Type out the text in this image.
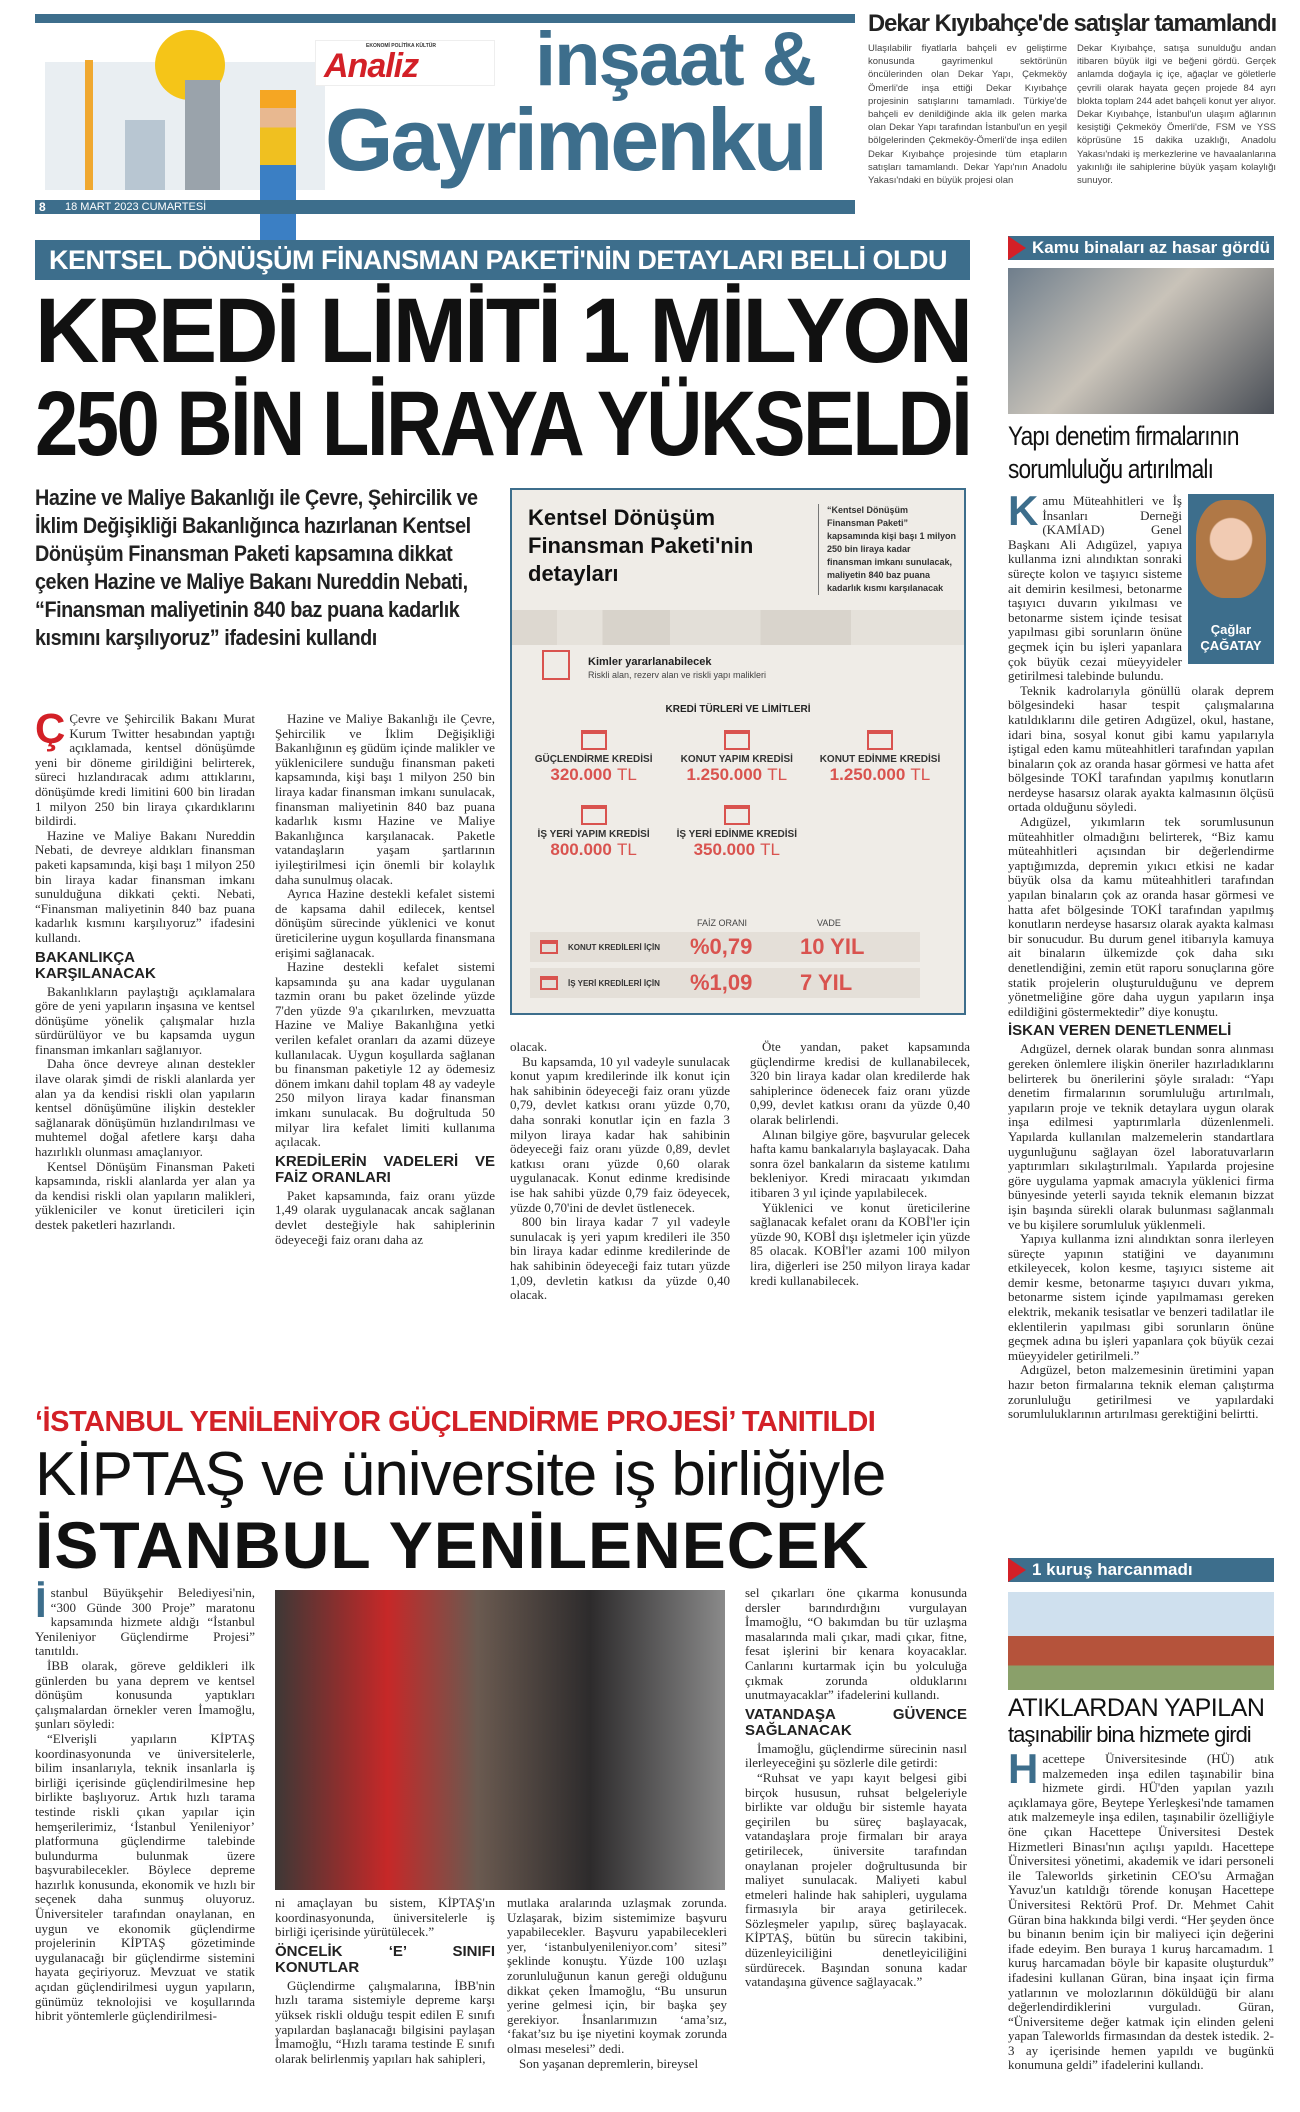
EKONOMİ POLİTİKA KÜLTÜR
Analiz inşaat &
Gayrimenkul
8 18 MART 2023 CUMARTESİ
Dekar Kıyıbahçe'de satışlar tamamlandı

Ulaşılabilir fiyatlarla bahçeli ev geliştirme konusunda gayrimenkul sektörünün öncülerinden olan Dekar Yapı, Çekmeköy Ömerli'de inşa ettiği Dekar Kıyıbahçe projesinin satışlarını tamamladı. Türkiye'de bahçeli ev denildiğinde akla ilk gelen marka olan Dekar Yapı tarafından İstanbul'un en yeşil bölgelerinden Çekmeköy-Ömerli'de inşa edilen Dekar Kıyıbahçe projesinde tüm etapların satışları tamamlandı. Dekar Yapı'nın Anadolu Yakası'ndaki en büyük projesi olan

Dekar Kıyıbahçe, satışa sunulduğu andan itibaren büyük ilgi ve beğeni gördü. Gerçek anlamda doğayla iç içe, ağaçlar ve göletlerle çevrili olarak hayata geçen projede 84 ayrı blokta toplam 244 adet bahçeli konut yer alıyor. Dekar Kıyıbahçe, İstanbul'un ulaşım ağlarının kesiştiği Çekmeköy Ömerli'de, FSM ve YSS köprüsüne 15 dakika uzaklığı, Anadolu Yakası'ndaki iş merkezlerine ve havaalanlarına yakınlığı ile sahiplerine büyük yaşam kolaylığı sunuyor.

KENTSEL DÖNÜŞÜM FİNANSMAN PAKETİ'NİN DETAYLARI BELLİ OLDU
KREDİ LİMİTİ 1 MİLYON
250 BİN LİRAYA YÜKSELDİ
Hazine ve Maliye Bakanlığı ile Çevre, Şehircilik ve İklim Değişikliği Bakanlığınca hazırlanan Kentsel Dönüşüm Finansman Paketi kapsamına dikkat çeken Hazine ve Maliye Bakanı Nureddin Nebati, “Finansman maliyetinin 840 baz puana kadarlık kısmını karşılıyoruz” ifadesini kullandı
Kentsel Dönüşüm Finansman Paketi'nin detayları
“Kentsel Dönüşüm Finansman Paketi” kapsamında kişi başı 1 milyon 250 bin liraya kadar finansman imkanı sunulacak, maliyetin 840 baz puana kadarlık kısmı karşılanacak
Kimler yararlanabilecek
Riskli alan, rezerv alan ve riskli yapı malikleri
KREDİ TÜRLERİ VE LİMİTLERİ
GÜÇLENDİRME KREDİSİ
320.000 TL
KONUT YAPIM KREDİSİ
1.250.000 TL
KONUT EDİNME KREDİSİ
1.250.000 TL
İŞ YERİ YAPIM KREDİSİ
800.000 TL
İŞ YERİ EDİNME KREDİSİ
350.000 TL
FAİZ ORANI	VADE
KONUT KREDİLERİ İÇİN	%0,79	10 YIL
İŞ YERİ KREDİLERİ İÇİN	%1,09	7 YIL
Ç Çevre ve Şehircilik Bakanı Murat Kurum Twitter hesabından yaptığı açıklamada, kentsel dönüşümde yeni bir döneme girildiğini belirterek, süreci hızlandıracak adımı attıklarını, dönüşümde kredi limitini 600 bin liradan 1 milyon 250 bin liraya çıkardıklarını bildirdi.

Hazine ve Maliye Bakanı Nureddin Nebati, de devreye aldıkları finansman paketi kapsamında, kişi başı 1 milyon 250 bin liraya kadar finansman imkanı sunulduğuna dikkati çekti. Nebati, “Finansman maliyetinin 840 baz puana kadarlık kısmını karşılıyoruz” ifadesini kullandı.

BAKANLIKÇA KARŞILANACAK

Bakanlıkların paylaştığı açıklamalara göre de yeni yapıların inşasına ve kentsel dönüşüme yönelik çalışmalar hızla sürdürülüyor ve bu kapsamda uygun finansman imkanları sağlanıyor.

Daha önce devreye alınan destekler ilave olarak şimdi de riskli alanlarda yer alan ya da kendisi riskli olan yapıların kentsel dönüşümüne ilişkin destekler sağlanarak dönüşümün hızlandırılması ve muhtemel doğal afetlere karşı daha hazırlıklı olunması amaçlanıyor.

Kentsel Dönüşüm Finansman Paketi kapsamında, riskli alanlarda yer alan ya da kendisi riskli olan yapıların malikleri, yükleniciler ve konut üreticileri için destek paketleri hazırlandı.

Hazine ve Maliye Bakanlığı ile Çevre, Şehircilik ve İklim Değişikliği Bakanlığının eş güdüm içinde malikler ve yüklenicilere sunduğu finansman paketi kapsamında, kişi başı 1 milyon 250 bin liraya kadar finansman imkanı sunulacak, finansman maliyetinin 840 baz puana kadarlık kısmı Hazine ve Maliye Bakanlığınca karşılanacak. Paketle vatandaşların yaşam şartlarının iyileştirilmesi için önemli bir kolaylık daha sunulmuş olacak.

Ayrıca Hazine destekli kefalet sistemi de kapsama dahil edilecek, kentsel dönüşüm sürecinde yüklenici ve konut üreticilerine uygun koşullarda finansmana erişimi sağlanacak.

Hazine destekli kefalet sistemi kapsamında şu ana kadar uygulanan tazmin oranı bu paket özelinde yüzde 7'den yüzde 9'a çıkarılırken, mevzuatta Hazine ve Maliye Bakanlığına yetki verilen kefalet oranları da azami düzeye kullanılacak. Uygun koşullarda sağlanan bu finansman paketiyle 12 ay ödemesiz dönem imkanı dahil toplam 48 ay vadeyle 250 milyon liraya kadar finansman imkanı sunulacak. Bu doğrultuda 50 milyar lira kefalet limiti kullanıma açılacak.

KREDİLERİN VADELERİ VE FAİZ ORANLARI

Paket kapsamında, faiz oranı yüzde 1,49 olarak uygulanacak ancak sağlanan devlet desteğiyle hak sahiplerinin ödeyeceği faiz oranı daha az

olacak.

Bu kapsamda, 10 yıl vadeyle sunulacak konut yapım kredilerinde ilk konut için hak sahibinin ödeyeceği faiz oranı yüzde 0,79, devlet katkısı oranı yüzde 0,70, daha sonraki konutlar için en fazla 3 milyon liraya kadar hak sahibinin ödeyeceği faiz oranı yüzde 0,89, devlet katkısı oranı yüzde 0,60 olarak uygulanacak. Konut edinme kredisinde ise hak sahibi yüzde 0,79 faiz ödeyecek, yüzde 0,70'ini de devlet üstlenecek.

800 bin liraya kadar 7 yıl vadeyle sunulacak iş yeri yapım kredileri ile 350 bin liraya kadar edinme kredilerinde de hak sahibinin ödeyeceği faiz tutarı yüzde 1,09, devletin katkısı da yüzde 0,40 olacak.

Öte yandan, paket kapsamında güçlendirme kredisi de kullanabilecek, 320 bin liraya kadar olan kredilerde hak sahiplerince ödenecek faiz oranı yüzde 0,99, devlet katkısı oranı da yüzde 0,40 olarak belirlendi.

Alınan bilgiye göre, başvurular gelecek hafta kamu bankalarıyla başlayacak. Daha sonra özel bankaların da sisteme katılımı bekleniyor. Kredi miracaatı yıkımdan itibaren 3 yıl içinde yapılabilecek.

Yüklenici ve konut üreticilerine sağlanacak kefalet oranı da KOBİ'ler için yüzde 90, KOBİ dışı işletmeler için yüzde 85 olacak. KOBİ'ler azami 100 milyon lira, diğerleri ise 250 milyon liraya kadar kredi kullanabilecek.

Kamu binaları az hasar gördü
Yapı denetim firmalarının sorumluluğu artırılmalı
Çağlar
ÇAĞATAY
K amu Müteahhitleri ve İş İnsanları Derneği (KAMİAD) Genel Başkanı Ali Adıgüzel, yapıya kullanma izni alındıktan sonraki süreçte kolon ve taşıyıcı sisteme ait demirin kesilmesi, betonarme taşıyıcı duvarın yıkılması ve betonarme sistem içinde tesisat yapılması gibi sorunların önüne geçmek için bu işleri yapanlara çok büyük cezai müeyyideler getirilmesi talebinde bulundu.

Teknik kadrolarıyla gönüllü olarak deprem bölgesindeki hasar tespit çalışmalarına katıldıklarını dile getiren Adıgüzel, okul, hastane, idari bina, sosyal konut gibi kamu yapılarıyla iştigal eden kamu müteahhitleri tarafından yapılan binaların çok az oranda hasar görmesi ve hatta afet bölgesinde TOKİ tarafından yapılmış konutların nerdeyse hasarsız olarak ayakta kalmasının ölçüsü ortada olduğunu söyledi.

Adıgüzel, yıkımların tek sorumlusunun müteahhitler olmadığını belirterek, “Biz kamu müteahhitleri açısından bir değerlendirme yaptığımızda, depremin yıkıcı etkisi ne kadar büyük olsa da kamu müteahhitleri tarafından yapılan binaların çok az oranda hasar görmesi ve hatta afet bölgesinde TOKİ tarafından yapılmış konutların nerdeyse hasarsız olarak ayakta kalması bir sonucudur. Bu durum genel itibarıyla kamuya ait binaların ülkemizde çok daha sıkı denetlendiğini, zemin etüt raporu sonuçlarına göre statik projelerin oluşturulduğunu ve deprem yönetmeliğine göre daha uygun yapıların inşa edildiğini göstermektedir” diye konuştu.

İSKAN VEREN DENETLENMELİ

Adıgüzel, dernek olarak bundan sonra alınması gereken önlemlere ilişkin öneriler hazırladıklarını belirterek bu önerilerini şöyle sıraladı: “Yapı denetim firmalarının sorumluluğu artırılmalı, yapıların proje ve teknik detaylara uygun olarak inşa edilmesi yaptırımlarla düzenlenmeli. Yapılarda kullanılan malzemelerin standartlara uygunluğunu sağlayan özel laboratuvarların yaptırımları sıkılaştırılmalı. Yapılarda projesine göre uygulama yapmak amacıyla yüklenici firma bünyesinde yeterli sayıda teknik elemanın bizzat işin başında sürekli olarak bulunması sağlanmalı ve bu kişilere sorumluluk yüklenmeli.

Yapıya kullanma izni alındıktan sonra ilerleyen süreçte yapının statiğini ve dayanımını etkileyecek, kolon kesme, taşıyıcı sisteme ait demir kesme, betonarme taşıyıcı duvarı yıkma, betonarme sistem içinde yapılmaması gereken elektrik, mekanik tesisatlar ve benzeri tadilatlar ile eklentilerin yapılması gibi sorunların önüne geçmek adına bu işleri yapanlara çok büyük cezai müeyyideler getirilmeli.”

Adıgüzel, beton malzemesinin üretimini yapan hazır beton firmalarına teknik eleman çalıştırma zorunluluğu getirilmesi ve yapılardaki sorumluluklarının artırılması gerektiğini belirtti.

1 kuruş harcanmadı
ATIKLARDAN YAPILAN
taşınabilir bina hizmete girdi
H acettepe Üniversitesinde (HÜ) atık malzemeden inşa edilen taşınabilir bina hizmete girdi. HÜ'den yapılan yazılı açıklamaya göre, Beytepe Yerleşkesi'nde tamamen atık malzemeyle inşa edilen, taşınabilir özelliğiyle öne çıkan Hacettepe Üniversitesi Destek Hizmetleri Binası'nın açılışı yapıldı. Hacettepe Üniversitesi yönetimi, akademik ve idari personeli ile Taleworlds şirketinin CEO'su Armağan Yavuz'un katıldığı törende konuşan Hacettepe Üniversitesi Rektörü Prof. Dr. Mehmet Cahit Güran bina hakkında bilgi verdi. “Her şeyden önce bu binanın benim için bir maliyeci için değerini ifade edeyim. Ben buraya 1 kuruş harcamadım. 1 kuruş harcamadan böyle bir kapasite oluşturduk” ifadesini kullanan Güran, bina inşaat için firma yatlarının ve molozlarının döküldüğü bir alanı değerlendirdiklerini vurguladı. Güran, “Üniversiteme değer katmak için elinden geleni yapan Taleworlds firmasından da destek istedik. 2-3 ay içerisinde hemen yapıldı ve bugünkü konumuna geldi” ifadelerini kullandı.

‘İSTANBUL YENİLENİYOR GÜÇLENDİRME PROJESİ’ TANITILDI
KİPTAŞ ve üniversite iş birliğiyle
İSTANBUL YENİLENECEK
İ stanbul Büyükşehir Belediyesi'nin, “300 Günde 300 Proje” maratonu kapsamında hizmete aldığı “İstanbul Yenileniyor Güçlendirme Projesi” tanıtıldı.

İBB olarak, göreve geldikleri ilk günlerden bu yana deprem ve kentsel dönüşüm konusunda yaptıkları çalışmalardan örnekler veren İmamoğlu, şunları söyledi:

“Elverişli yapıların KİPTAŞ koordinasyonunda ve üniversitelerle, bilim insanlarıyla, teknik insanlarla iş birliği içerisinde güçlendirilmesine hep birlikte başlıyoruz. Artık hızlı tarama testinde riskli çıkan yapılar için hemşerilerimiz, ‘İstanbul Yenileniyor’ platformuna güçlendirme talebinde bulundurma bulunmak üzere başvurabilecekler. Böylece depreme hazırlık konusunda, ekonomik ve hızlı bir seçenek daha sunmuş oluyoruz. Üniversiteler tarafından onaylanan, en uygun ve ekonomik güçlendirme projelerinin KİPTAŞ gözetiminde uygulanacağı bir güçlendirme sistemini hayata geçiriyoruz. Mevzuat ve statik açıdan güçlendirilmesi uygun yapıların, günümüz teknolojisi ve koşullarında hibrit yöntemlerle güçlendirilmesi-

ni amaçlayan bu sistem, KİPTAŞ'ın koordinasyonunda, üniversitelerle iş birliği içerisinde yürütülecek.”

ÖNCELİK ‘E’ SINIFI KONUTLAR

Güçlendirme çalışmalarına, İBB'nin hızlı tarama sistemiyle depreme karşı yüksek riskli olduğu tespit edilen E sınıfı yapılardan başlanacağı bilgisini paylaşan İmamoğlu, “Hızlı tarama testinde E sınıfı olarak belirlenmiş yapıları hak sahipleri,

mutlaka aralarında uzlaşmak zorunda. Uzlaşarak, bizim sistemimize başvuru yapabilecekler. Başvuru yapabilecekleri yer, ‘istanbulyenileniyor.com’ sitesi” şeklinde konuştu. Yüzde 100 uzlaşı zorunluluğunun kanun gereği olduğunu dikkat çeken İmamoğlu, “Bu unsurun yerine gelmesi için, bir başka şey gerekiyor. İnsanlarımızın ‘ama’sız, ‘fakat’sız bu işe niyetini koymak zorunda olması meselesi” dedi.

Son yaşanan depremlerin, bireysel

sel çıkarları öne çıkarma konusunda dersler barındırdığını vurgulayan İmamoğlu, “O bakımdan bu tür uzlaşma masalarında mali çıkar, madi çıkar, fitne, fesat işlerini bir kenara koyacaklar. Canlarını kurtarmak için bu yolculuğa çıkmak zorunda olduklarını unutmayacaklar” ifadelerini kullandı.

VATANDAŞA GÜVENCE SAĞLANACAK

İmamoğlu, güçlendirme sürecinin nasıl ilerleyeceğini şu sözlerle dile getirdi:

“Ruhsat ve yapı kayıt belgesi gibi birçok hususun, ruhsat belgeleriyle birlikte var olduğu bir sistemle hayata geçirilen bu süreç başlayacak, vatandaşlara proje firmaları bir araya getirilecek, üniversite tarafından onaylanan projeler doğrultusunda bir maliyet sunulacak. Maliyeti kabul etmeleri halinde hak sahipleri, uygulama firmasıyla bir araya getirilecek. Sözleşmeler yapılıp, süreç başlayacak. KİPTAŞ, bütün bu sürecin takibini, düzenleyiciliğini denetleyiciliğini sürdürecek. Başından sonuna kadar vatandaşına güvence sağlayacak.”
